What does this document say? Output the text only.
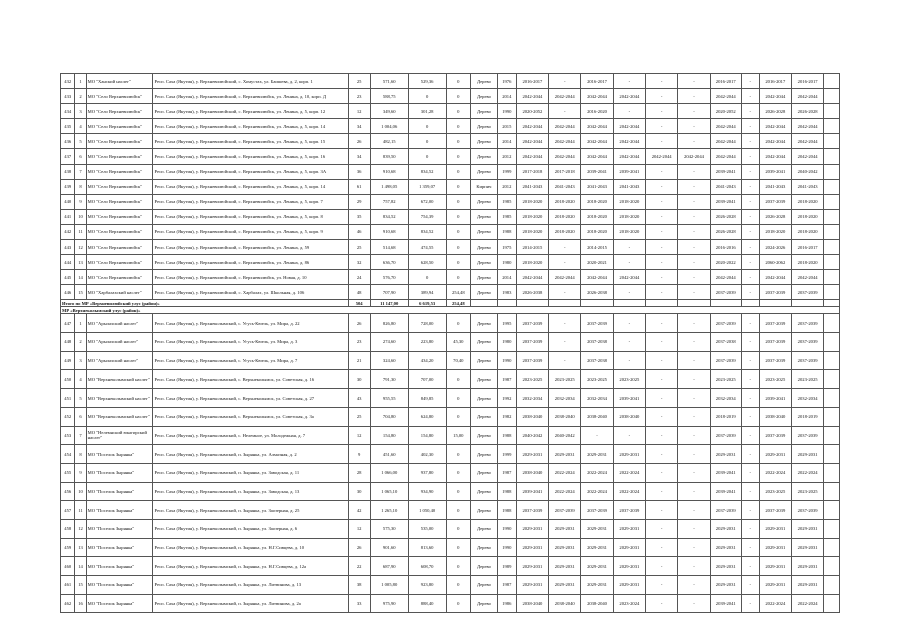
432	1	МО "Ханский наслег"	Респ. Саха (Якутия), у. Верхневилюйский, с. Хомустах, ул. Баишева, д. 2, корп. 1	25	571,60	529,36	0	Дерево	1976	2016-2017	-	2016-2017	-	-	-	2016-2017	-	2016-2017	2016-2017	
433	2	МО "Село Верхневилюйск"	Респ. Саха (Якутия), у. Верхневилюйский, с. Верхневилюйск, ул. Ленина, д. 10, корп. Д	23	588,75	0	0	Дерево	2014	2042-2044	2042-2044	2042-2044	2042-2044	-	-	2042-2044	-	2042-2044	2042-2044	
434	3	МО "Село Верхневилюйск"	Респ. Саха (Якутия), у. Верхневилюйский, с. Верхневилюйск, ул. Ленина, д. 5, корп. 12	12	349,60	301,28	0	Дерево	1990	2020-2052	-	2016-2020	-	-	-	2020-2052	-	2026-2028	2026-2028	
435	4	МО "Село Верхневилюйск"	Респ. Саха (Якутия), у. Верхневилюйский, с. Верхневилюйск, ул. Ленина, д. 5, корп. 14	34	1 004,06	0	0	Дерево	2015	2042-2044	2042-2044	2042-2044	2042-2044	-	-	2042-2044	-	2042-2044	2042-2044	
436	5	МО "Село Верхневилюйск"	Респ. Саха (Якутия), у. Верхневилюйский, с. Верхневилюйск, ул. Ленина, д. 5, корп. 15	26	482,15	0	0	Дерево	2014	2042-2044	2042-2044	2042-2044	2042-2044	-	-	2042-2044	-	2042-2044	2042-2044	
437	6	МО "Село Верхневилюйск"	Респ. Саха (Якутия), у. Верхневилюйский, с. Верхневилюйск, ул. Ленина, д. 5, корп. 16	34	839,50	0	0	Дерево	2012	2042-2044	2042-2044	2042-2044	2042-2044	2042-2044	2042-2044	2042-2044	-	2042-2044	2042-2044	
438	7	МО "Село Верхневилюйск"	Респ. Саха (Якутия), у. Верхневилюйский, с. Верхневилюйск, ул. Ленина, д. 5, корп. 3А	36	910,68	834,52	0	Дерево	1999	2017-2018	2017-2018	2039-2041	2039-2041	-	-	2039-2041	-	2039-2041	2040-2042	
439	8	МО "Село Верхневилюйск"	Респ. Саха (Якутия), у. Верхневилюйский, с. Верхневилюйск, ул. Ленина, д. 5, корп. 14	61	1 498,05	1 359,07	0	Кирпич	2012	2041-2043	2041-2043	2041-2043	2041-2043	-	-	2041-2043	-	2041-2043	2041-2043	
440	9	МО "Село Верхневилюйск"	Респ. Саха (Якутия), у. Верхневилюйский, с. Верхневилюйск, ул. Ленина, д. 5, корп. 7	29	757,82	672,00	0	Дерево	1985	2018-2020	2018-2020	2018-2020	2018-2020	-	-	2039-2041	-	2037-2039	2018-2020	
441	10	МО "Село Верхневилюйск"	Респ. Саха (Якутия), у. Верхневилюйский, с. Верхневилюйск, ул. Ленина, д. 5, корп. 8	35	834,52	754,39	0	Дерево	1985	2018-2020	2018-2020	2018-2020	2018-2020	-	-	2026-2028	-	2026-2028	2018-2020	
442	11	МО "Село Верхневилюйск"	Респ. Саха (Якутия), у. Верхневилюйский, с. Верхневилюйск, ул. Ленина, д. 5, корп. 9	46	910,68	834,52	0	Дерево	1988	2018-2020	2018-2020	2018-2020	2018-2020	-	-	2026-2028	-	2018-2020	2018-2020	
443	12	МО "Село Верхневилюйск"	Респ. Саха (Якутия), у. Верхневилюйский, с. Верхневилюйск, ул. Ленина, д. 59	25	514,68	474,55	0	Дерево	1975	2014-2015	-	2014-2015	-	-	-	2016-2016	-	2024-2026	2016-2017	
444	13	МО "Село Верхневилюйск"	Респ. Саха (Якутия), у. Верхневилюйский, с. Верхневилюйск, ул. Ленина, д. 86	32	636,70	628,50	0	Дерево	1980	2018-2020	-	2020-2021	-	-	-	2020-2022	-	2060-2062	2018-2020	
445	14	МО "Село Верхневилюйск"	Респ. Саха (Якутия), у. Верхневилюйский, с. Верхневилюйск, ул. Новая, д. 10	24	576,70	0	0	Дерево	2014	2042-2044	2042-2044	2042-2044	2042-2044	-	-	2042-2044	-	2042-2044	2042-2044	
446	15	МО "Харбалахский наслег"	Респ. Саха (Якутия), у. Верхневилюйский, с. Харбалах, ул. Школьная, д. 106	48	707,90	389,94	254,48	Дерево	1983	2026-2038	-	2026-2038	-	-	-	2037-2039	-	2037-2039	2037-2039	
Итого по МР «Верхневилюйский улус (район)»				504	11 147,00	6 619,53	254,48													
МР «Верхнеколымский улус (район)»																				
447	1	МО "Арылахский наслег"	Респ. Саха (Якутия), у. Верхнеколымский, с. Угусь-Кюель, ул. Мира, д. 22	26	826,80	728,00	0	Дерево	1995	2037-2039	-	2037-2039	-	-	-	2037-2039	-	2037-2039	2037-2039	
448	2	МО "Арылахский наслег"	Респ. Саха (Якутия), у. Верхнеколымский, с. Угусь-Кюель, ул. Мира, д. 3	23	274,60	223,80	45,30	Дерево	1980	2037-2039	-	2037-2038	-	-	-	2037-2038	-	2037-2039	2037-2039	
449	3	МО "Арылахский наслег"	Респ. Саха (Якутия), у. Верхнеколымский, с. Угусь-Кюель, ул. Мира, д. 7	21	324,60	434,20	70,40	Дерево	1990	2037-2039	-	2037-2038	-	-	-	2037-2039	-	2037-2039	2037-2039	
450	4	МО "Верхнеколымский наслег"	Респ. Саха (Якутия), у. Верхнеколымский, с. Верхнеколымск, ул. Советская, д. 16	30	791,30	707,00	0	Дерево	1987	2023-2025	2023-2025	2023-2025	2023-2025	-	-	2023-2025	-	2023-2025	2023-2025	
451	5	МО "Верхнеколымский наслег"	Респ. Саха (Якутия), у. Верхнеколымский, с. Верхнеколымск, ул. Советская, д. 27	43	955,55	849,85	0	Дерево	1992	2032-2034	2032-2034	2032-2034	2039-2041	-	-	2032-2034	-	2039-2041	2032-2034	
452	6	МО "Верхнеколымский наслег"	Респ. Саха (Якутия), у. Верхнеколымский, с. Верхнеколымск, ул. Советская, д. 3а	25	704,80	624,80	0	Дерево	1982	2038-2040	2038-2040	2038-2040	2038-2040	-	-	2018-2019	-	2038-2040	2018-2019	
453	7	МО "Нелемнский юкагирский наслег"	Респ. Саха (Якутия), у. Верхнеколымский, с. Нелемное, ул. Молодежная, д. 7	12	154,80	154,80	15,00	Дерево	1988	2040-2042	2040-2042	-	-	-	-	2037-2039	-	2037-2039	2037-2039	
454	8	МО "Поселок Зырянка"	Респ. Саха (Якутия), у. Верхнеколымский, п. Зырянка, ул. Алмазная, д. 2	9	451,60	402,30	0	Дерево	1999	2029-2031	2029-2031	2029-2031	2029-2031	-	-	2029-2031	-	2029-2031	2029-2031	
455	9	МО "Поселок Зырянка"	Респ. Саха (Якутия), у. Верхнеколымский, п. Зырянка, ул. Заводская, д. 11	28	1 066,00	937,80	0	Дерево	1987	2038-2040	2022-2024	2022-2024	2022-2024	-	-	2039-2041	-	2022-2024	2022-2024	
456	10	МО "Поселок Зырянка"	Респ. Саха (Якутия), у. Верхнеколымский, п. Зырянка, ул. Заводская, д. 13	30	1 065,10	934,90	0	Дерево	1988	2039-2041	2022-2024	2022-2024	2022-2024	-	-	2039-2041	-	2023-2025	2023-2025	
457	11	МО "Поселок Зырянка"	Респ. Саха (Якутия), у. Верхнеколымский, п. Зырянка, ул. Заозерная, д. 25	42	1 265,10	1 050,40	0	Дерево	1988	2037-2039	2037-2039	2037-2039	2037-2039	-	-	2037-2039	-	2037-2039	2037-2039	
458	12	МО "Поселок Зырянка"	Респ. Саха (Якутия), у. Верхнеколымский, п. Зырянка, ул. Заозерная, д. 6	12	575,30	535,00	0	Дерево	1990	2029-2031	2029-2031	2029-2031	2029-2031	-	-	2029-2031	-	2029-2031	2029-2031	
459	13	МО "Поселок Зырянка"	Респ. Саха (Якутия), у. Верхнеколымский, п. Зырянка, ул. Н.Г.Сивцева, д. 10	26	901,60	813,60	0	Дерево	1990	2029-2031	2029-2031	2029-2031	2029-2031	-	-	2029-2031	-	2029-2031	2029-2031	
460	14	МО "Поселок Зырянка"	Респ. Саха (Якутия), у. Верхнеколымский, п. Зырянка, ул. Н.Г.Сивцева, д. 12а	22	687,90	608,70	0	Дерево	1989	2029-2031	2029-2031	2029-2031	2029-2031	-	-	2029-2031	-	2029-2031	2029-2031	
461	15	МО "Поселок Зырянка"	Респ. Саха (Якутия), у. Верхнеколымский, п. Зырянка, ул. Литвинова, д. 13	38	1 005,80	923,80	0	Дерево	1987	2029-2031	2029-2031	2029-2031	2029-2031	-	-	2029-2031	-	2029-2031	2029-2031	
462	16	МО "Поселок Зырянка"	Респ. Саха (Якутия), у. Верхнеколымский, п. Зырянка, ул. Литвинова, д. 2а	33	975,90	888,40	0	Дерево	1986	2038-2040	2038-2040	2038-2040	2023-2024	-	-	2039-2041	-	2022-2024	2022-2024	
